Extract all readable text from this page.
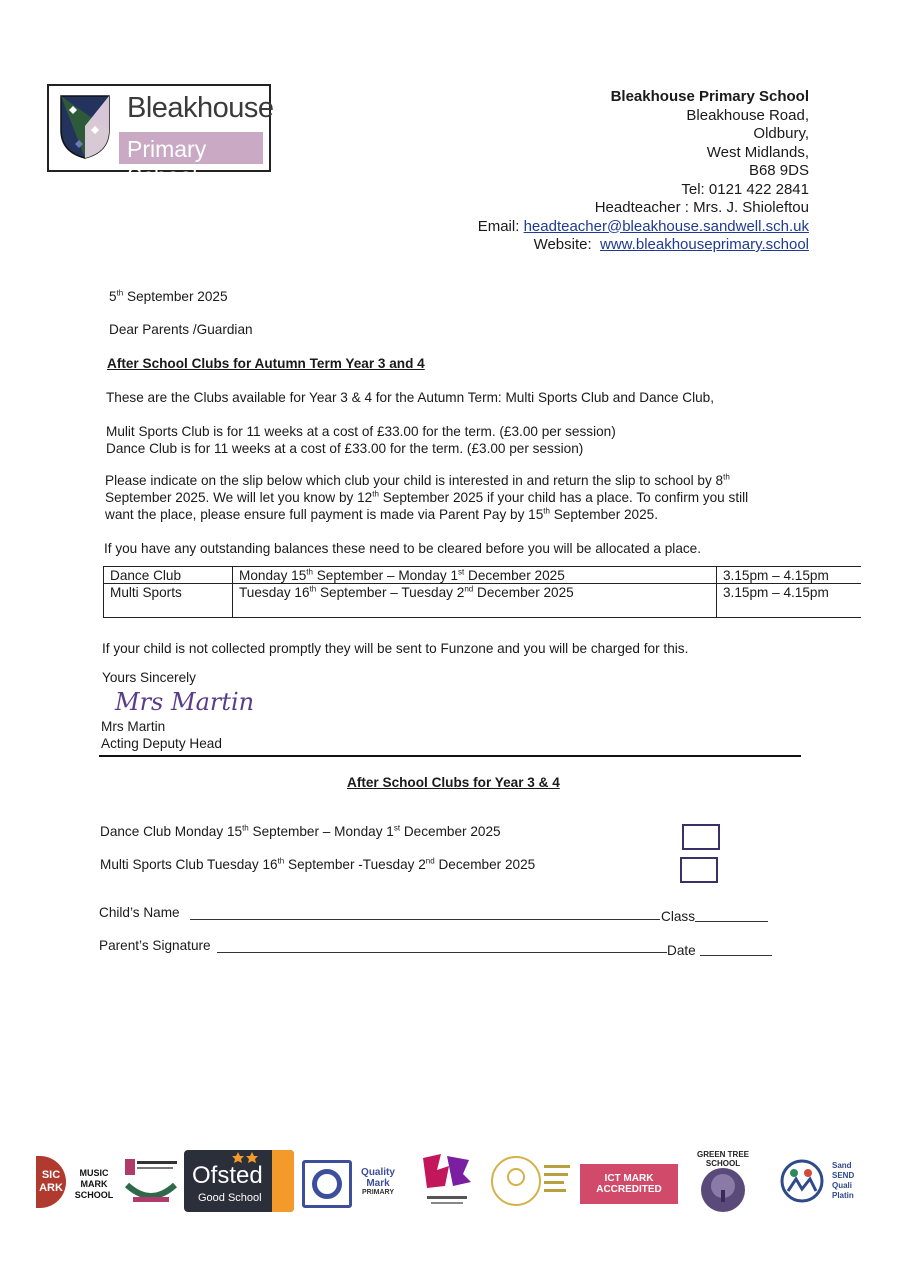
Bleakhouse
Primary School
Bleakhouse Primary School
Bleakhouse Road,
Oldbury,
West Midlands,
B68 9DS
Tel: 0121 422 2841
Headteacher : Mrs. J. Shioleftou
Email: headteacher@bleakhouse.sandwell.sch.uk
Website: www.bleakhouseprimary.school
5th September 2025
Dear Parents /Guardian
After School Clubs for Autumn Term Year 3 and 4
These are the Clubs available for Year 3 & 4 for the Autumn Term: Multi Sports Club and Dance Club,
Mulit Sports Club is for 11 weeks at a cost of £33.00 for the term. (£3.00 per session)
Dance Club is for 11 weeks at a cost of £33.00 for the term. (£3.00 per session)
Please indicate on the slip below which club your child is interested in and return the slip to school by 8th
September 2025. We will let you know by 12th September 2025 if your child has a place. To confirm you still
want the place, please ensure full payment is made via Parent Pay by 15th September 2025.
If you have any outstanding balances these need to be cleared before you will be allocated a place.
Dance Club	Monday 15th September – Monday 1st December 2025	3.15pm – 4.15pm
Multi Sports	Tuesday 16th September – Tuesday 2nd December 2025	3.15pm – 4.15pm
If your child is not collected promptly they will be sent to Funzone and you will be charged for this.
Yours Sincerely
Mrs Martin
Mrs Martin
Acting Deputy Head
After School Clubs for Year 3 & 4
Dance Club Monday 15th September – Monday 1st December 2025
Multi Sports Club Tuesday 16th September -Tuesday 2nd December 2025
Child’s Name	Class
Parent’s Signature	Date
SIC
ARK
MUSIC MARK SCHOOL
Ofsted
Good School
Quality Mark
PRIMARY
ICT MARK
ACCREDITED
GREEN TREE SCHOOL	Sand
SEND
Quali
Platin
